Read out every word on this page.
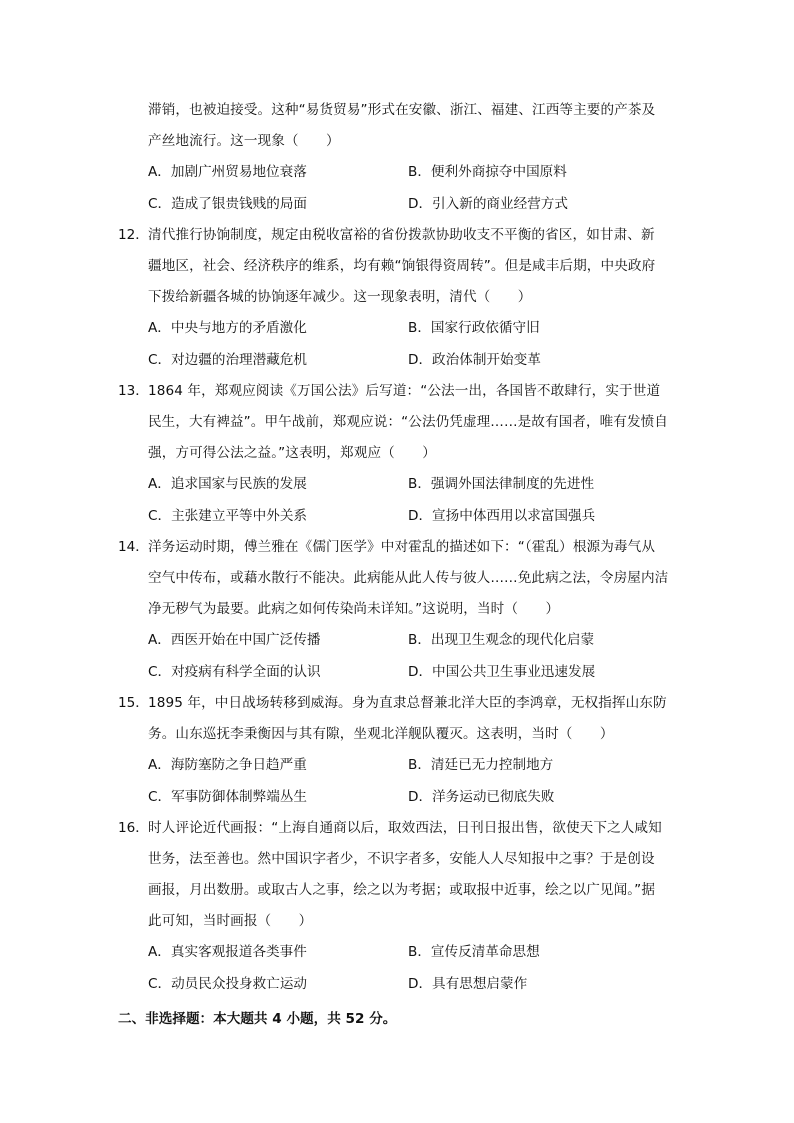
滞销，也被迫接受。这种“易货贸易”形式在安徽、浙江、福建、江西等主要的产茶及
产丝地流行。这一现象（　　）
A．加剧广州贸易地位衰落	B．便利外商掠夺中国原料
C．造成了银贵钱贱的局面	D．引入新的商业经营方式
12． 清代推行协饷制度，规定由税收富裕的省份拨款协助收支不平衡的省区，如甘肃、新
疆地区，社会、经济秩序的维系，均有赖“饷银得资周转”。但是咸丰后期，中央政府
下拨给新疆各城的协饷逐年减少。这一现象表明，清代（　　）
A．中央与地方的矛盾激化	B．国家行政依循守旧
C．对边疆的治理潜藏危机	D．政治体制开始变革
13． 1864 年，郑观应阅读《万国公法》后写道：“公法一出，各国皆不敢肆行，实于世道
民生，大有裨益”。甲午战前，郑观应说：“公法仍凭虚理……是故有国者，唯有发愤自
强，方可得公法之益。”这表明，郑观应（　　）
A．追求国家与民族的发展	B．强调外国法律制度的先进性
C．主张建立平等中外关系	D．宣扬中体西用以求富国强兵
14． 洋务运动时期，傅兰雅在《儒门医学》中对霍乱的描述如下：“（霍乱）根源为毒气从
空气中传布，或藉水散行不能决。此病能从此人传与彼人……免此病之法，令房屋内洁
净无秽气为最要。此病之如何传染尚未详知。”这说明，当时（　　）
A．西医开始在中国广泛传播	B．出现卫生观念的现代化启蒙
C．对疫病有科学全面的认识	D．中国公共卫生事业迅速发展
15． 1895 年，中日战场转移到威海。身为直隶总督兼北洋大臣的李鸿章，无权指挥山东防
务。山东巡抚李秉衡因与其有隙，坐观北洋舰队覆灭。这表明，当时（　　）
A．海防塞防之争日趋严重	B．清廷已无力控制地方
C．军事防御体制弊端丛生	D．洋务运动已彻底失败
16． 时人评论近代画报：“上海自通商以后，取效西法，日刊日报出售，欲使天下之人咸知
世务，法至善也。然中国识字者少，不识字者多，安能人人尽知报中之事？于是创设
画报，月出数册。或取古人之事，绘之以为考据；或取报中近事，绘之以广见闻。”据
此可知，当时画报（　　）
A．真实客观报道各类事件	B．宣传反清革命思想
C．动员民众投身救亡运动	D．具有思想启蒙作
二、非选择题：本大题共 4 小题，共 52 分。
